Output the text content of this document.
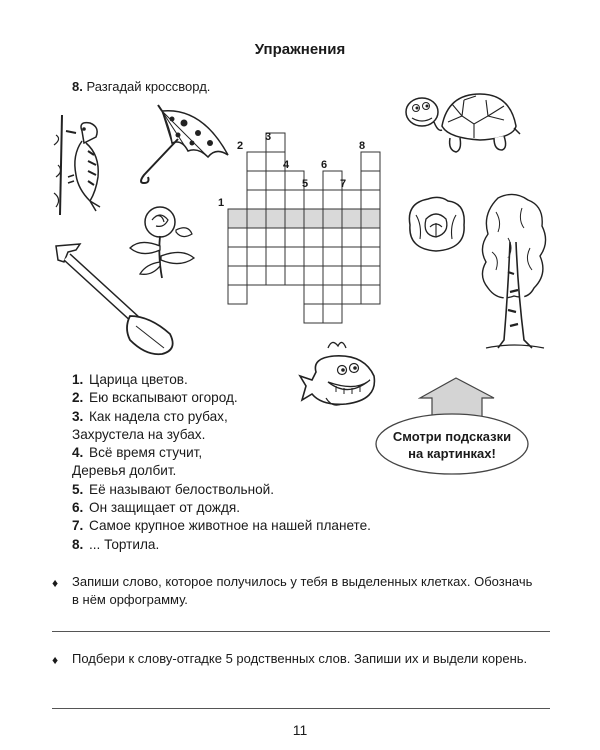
Упражнения
8. Разгадай кроссворд.
1
2
3
4
5
6
7
8
1. Царица цветов.
2. Ею вскапывают огород.
3. Как надела сто рубах,
Захрустела на зубах.
4. Всё время стучит,
Деревья долбит.
5. Её называют белоствольной.
6. Он защищает от дождя.
7. Самое крупное животное на нашей планете.
8. ... Тортила.
Смотри подсказки
на картинках!
♦ Запиши слово, которое получилось у тебя в выделенных клетках. Обозначь в нём орфограмму.
♦ Подбери к слову-отгадке 5 родственных слов. Запиши их и выдели корень.
11
